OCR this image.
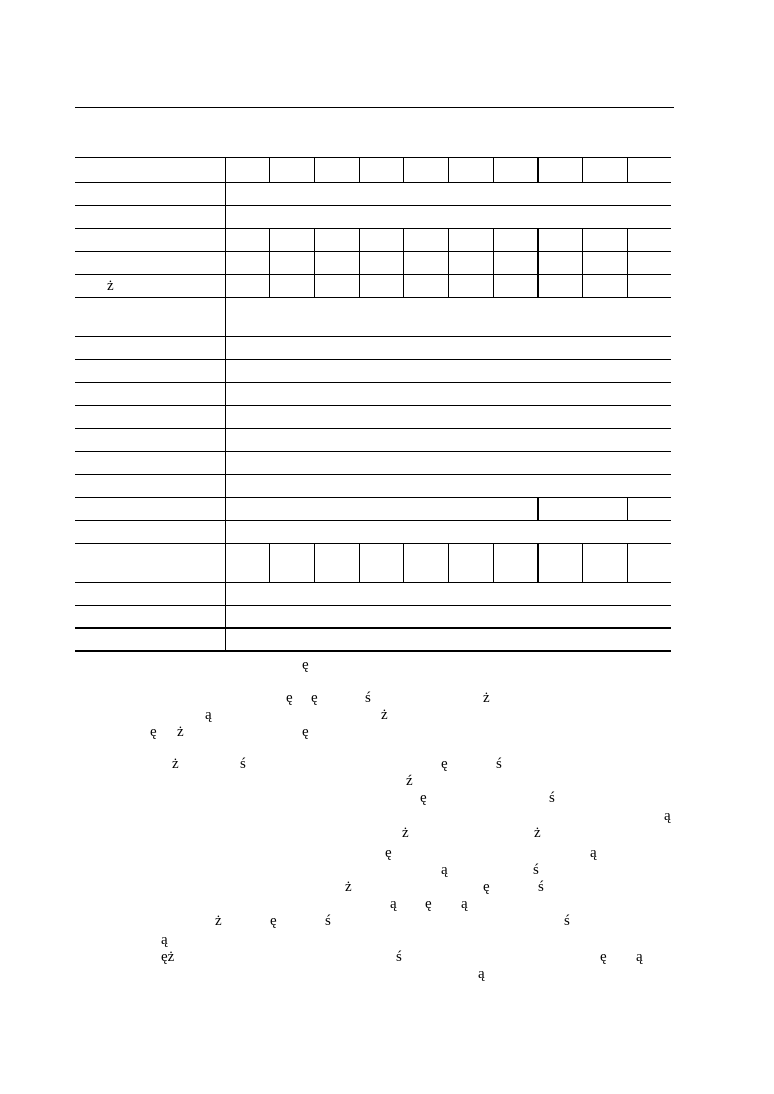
ż
ę
ę ę	ś	ż
ą	ż
ę ż	ę
ż	ś	ę	ś
ź
ę	ś
ą
ż	ż
ę	ą
ą	ś
ż	ę	ś
ą ę ą
ż	ę	ś	ś
ą
ęż	ś	ę ą
ą
